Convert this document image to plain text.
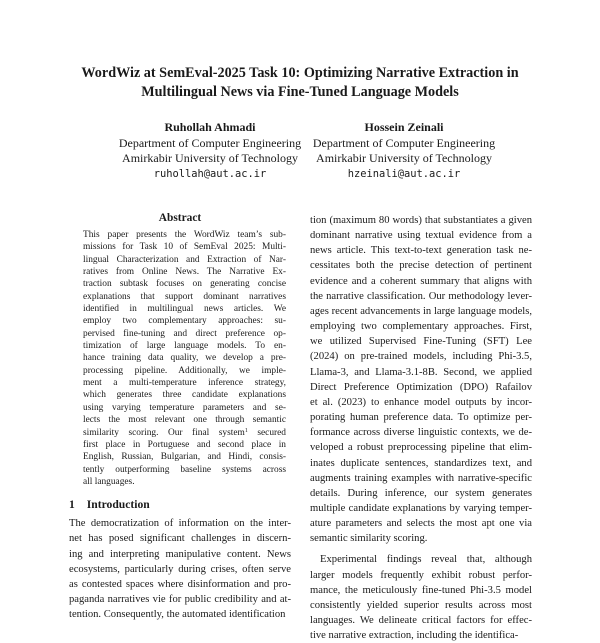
WordWiz at SemEval-2025 Task 10: Optimizing Narrative Extraction in
Multilingual News via Fine-Tuned Language Models
Ruhollah Ahmadi
Department of Computer Engineering
Amirkabir University of Technology
ruhollah@aut.ac.ir
Hossein Zeinali
Department of Computer Engineering
Amirkabir University of Technology
hzeinali@aut.ac.ir
Abstract
This paper presents the WordWiz team’s sub-
missions for Task 10 of SemEval 2025: Multi-
lingual Characterization and Extraction of Nar-
ratives from Online News. The Narrative Ex-
traction subtask focuses on generating concise
explanations that support dominant narratives
identified in multilingual news articles. We
employ two complementary approaches: su-
pervised fine-tuning and direct preference op-
timization of large language models. To en-
hance training data quality, we develop a pre-
processing pipeline. Additionally, we imple-
ment a multi-temperature inference strategy,
which generates three candidate explanations
using varying temperature parameters and se-
lects the most relevant one through semantic
similarity scoring. Our final system$^1$ secured
first place in Portuguese and second place in
English, Russian, Bulgarian, and Hindi, consis-
tently outperforming baseline systems across
all languages.
1 Introduction
The democratization of information on the inter-
net has posed significant challenges in discern-
ing and interpreting manipulative content. News
ecosystems, particularly during crises, often serve
as contested spaces where disinformation and pro-
paganda narratives vie for public credibility and at-
tention. Consequently, the automated identification
tion (maximum 80 words) that substantiates a given
dominant narrative using textual evidence from a
news article. This text-to-text generation task ne-
cessitates both the precise detection of pertinent
evidence and a coherent summary that aligns with
the narrative classification. Our methodology lever-
ages recent advancements in large language models,
employing two complementary approaches. First,
we utilized Supervised Fine-Tuning (SFT) Lee
(2024) on pre-trained models, including Phi-3.5,
Llama-3, and Llama-3.1-8B. Second, we applied
Direct Preference Optimization (DPO) Rafailov
et al. (2023) to enhance model outputs by incor-
porating human preference data. To optimize per-
formance across diverse linguistic contexts, we de-
veloped a robust preprocessing pipeline that elim-
inates duplicate sentences, standardizes text, and
augments training examples with narrative-specific
details. During inference, our system generates
multiple candidate explanations by varying temper-
ature parameters and selects the most apt one via
semantic similarity scoring.
Experimental findings reveal that, although
larger models frequently exhibit robust perfor-
mance, the meticulously fine-tuned Phi-3.5 model
consistently yielded superior results across most
languages. We delineate critical factors for effec-
tive narrative extraction, including the identifica-
